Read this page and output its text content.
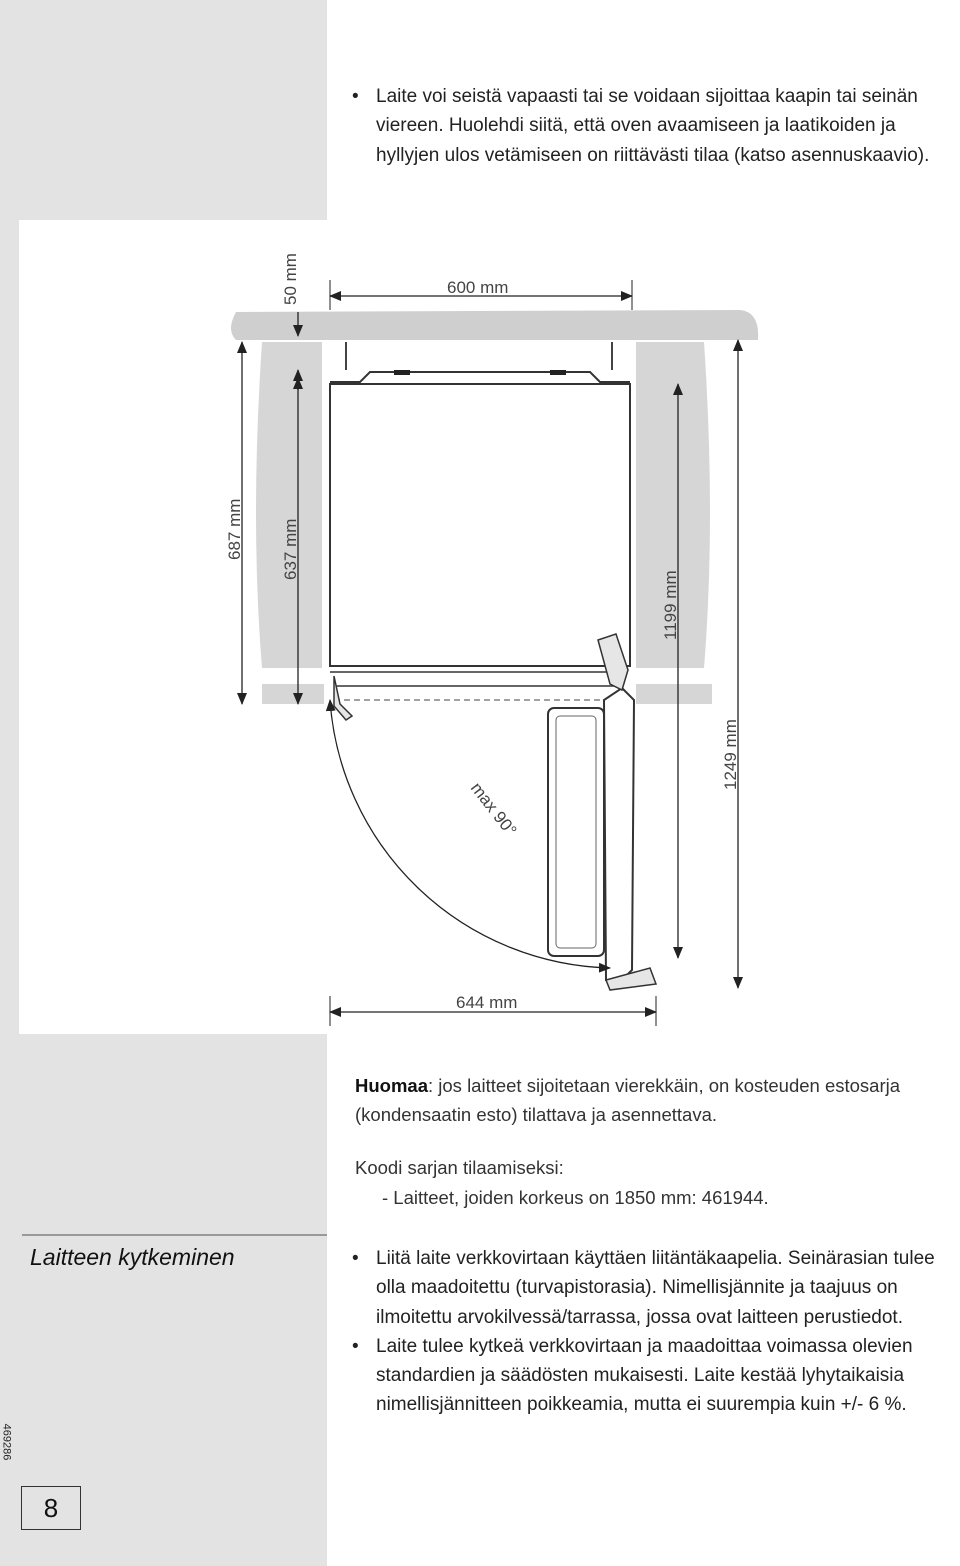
• Laite voi seistä vapaasti tai se voidaan sijoittaa kaapin tai seinän viereen. Huolehdi siitä, että oven avaamiseen ja laatikoiden ja hyllyjen ulos vetämiseen on riittävästi tilaa (katso asennuskaavio).
600 mm
50 mm
687 mm 637 mm
1199 mm
1249 mm
644 mm
max 90°
Huomaa: jos laitteet sijoitetaan vierekkäin, on kosteuden estosarja (kondensaatin esto) tilattava ja asennettava.
Koodi sarjan tilaamiseksi:
- Laitteet, joiden korkeus on 1850 mm: 461944.
Laitteen kytkeminen
•	Liitä laite verkkovirtaan käyttäen liitäntäkaapelia. Seinärasian tulee olla maadoitettu (turvapistorasia). Nimellisjännite ja taajuus on ilmoitettu arvokilvessä/tarrassa, jossa ovat laitteen perustiedot.
• Laite tulee kytkeä verkkovirtaan ja maadoittaa voimassa olevien standardien ja säädösten mukaisesti. Laite kestää lyhytaikaisia nimellisjännitteen poikkeamia, mutta ei suurempia kuin +/- 6 %.
469286
8
